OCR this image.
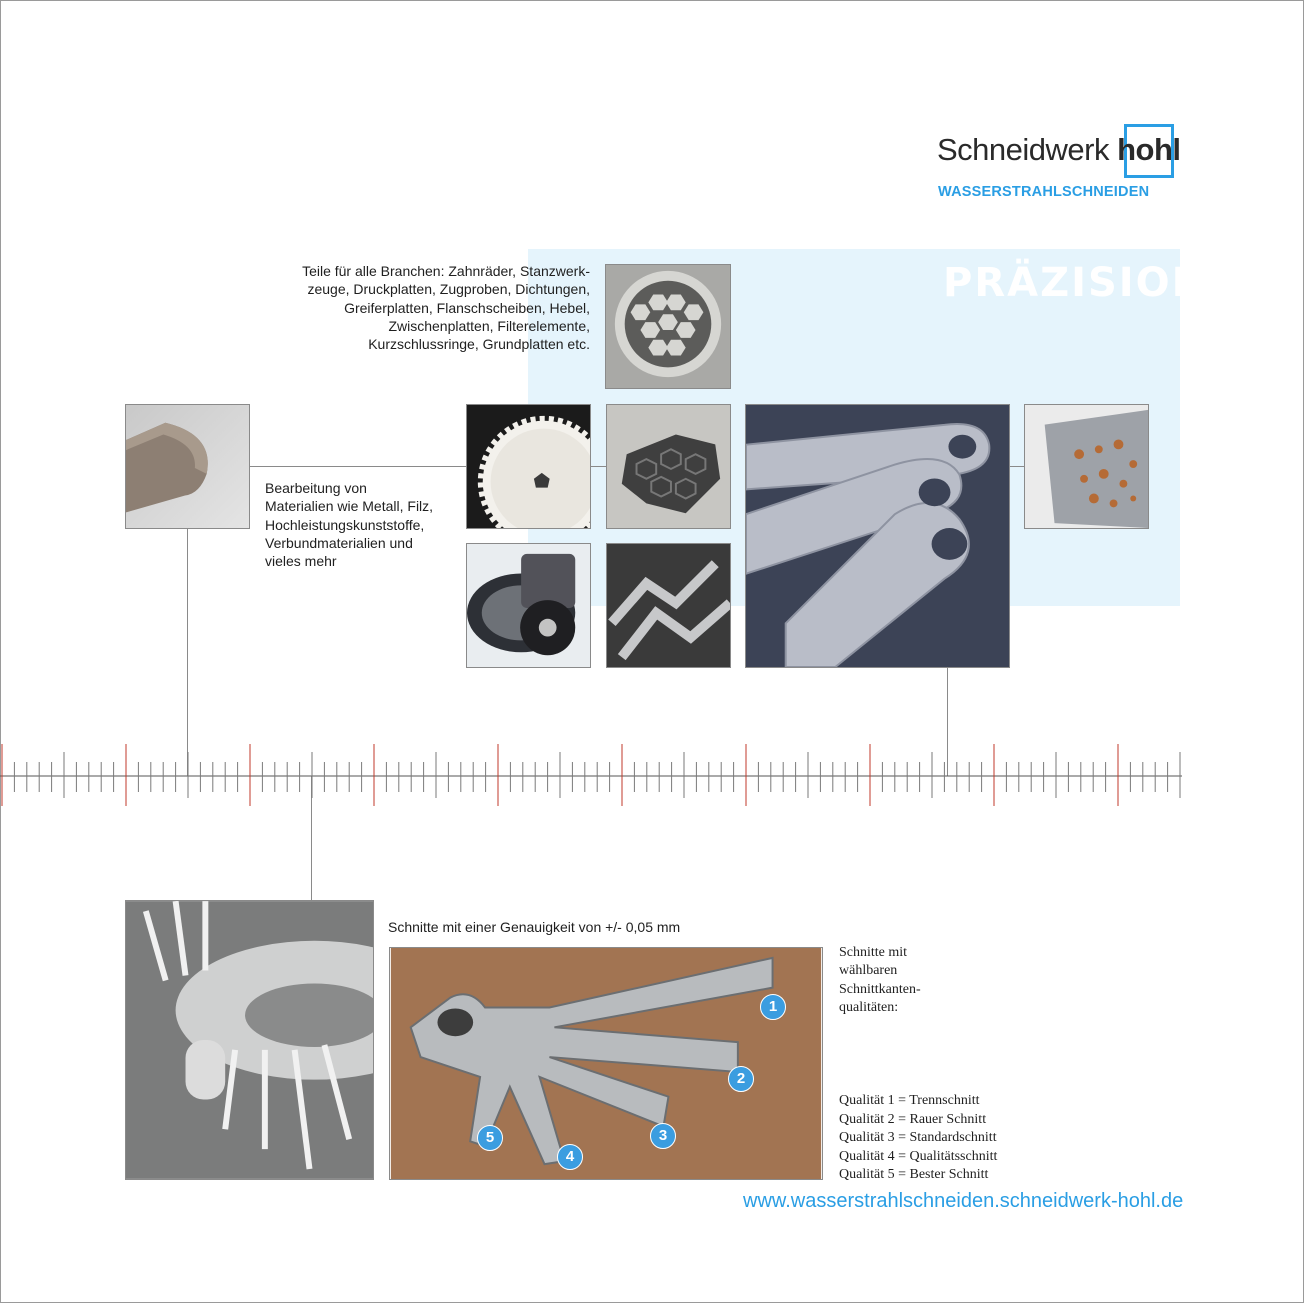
Schneidwerk hohl
WASSERSTRAHLSCHNEIDEN
PRÄZISION
Teile für alle Branchen: Zahnräder, Stanzwerk-
zeuge, Druckplatten, Zugproben, Dichtungen,
Greiferplatten, Flanschscheiben, Hebel,
Zwischenplatten, Filterelemente,
Kurzschlussringe, Grundplatten etc.
Bearbeitung von
Materialien wie Metall, Filz,
Hochleistungskunststoffe,
Verbundmaterialien und
vieles mehr
Schnitte mit einer Genauigkeit von +/- 0,05 mm
1
2
3
4
5
Schnitte mit
wählbaren
Schnittkanten-
qualitäten:
Qualität 1 = Trennschnitt
Qualität 2 = Rauer Schnitt
Qualität 3 = Standardschnitt
Qualität 4 = Qualitätsschnitt
Qualität 5 = Bester Schnitt
www.wasserstrahlschneiden.schneidwerk-hohl.de
